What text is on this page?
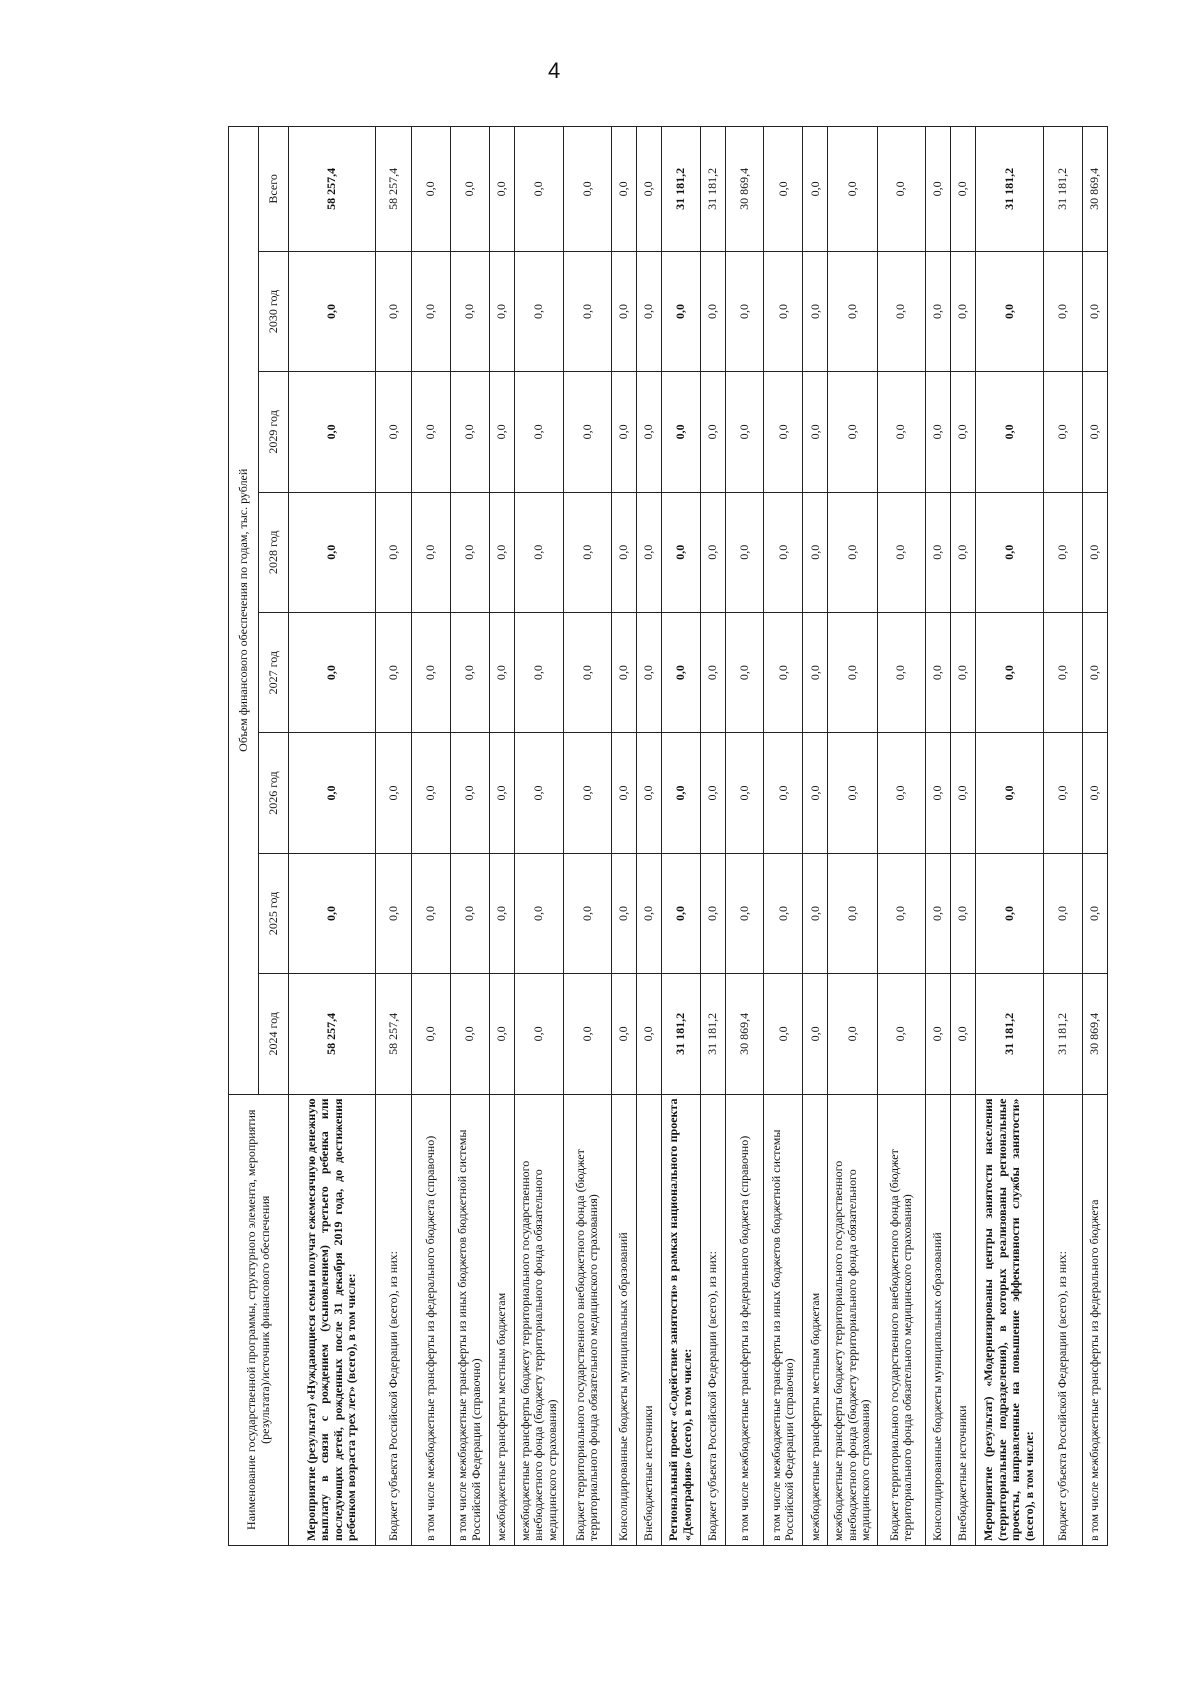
4
Наименование государственной программы, структурного элемента, мероприятия (результата)/источник финансового обеспечения	Объем финансового обеспечения по годам, тыс. рублей							
	2024 год	2025 год	2026 год	2027 год	2028 год	2029 год	2030 год	Всего
Мероприятие (результат) «Нуждающиеся семьи получат ежемесячную денежную выплату в связи с рождением (усыновлением) третьего ребенка или последующих детей, рожденных после 31 декабря 2019 года, до достижения ребенком возраста трех лет» (всего), в том числе:	58 257,4	0,0	0,0	0,0	0,0	0,0	0,0	58 257,4
Бюджет субъекта Российской Федерации (всего), из них:	58 257,4	0,0	0,0	0,0	0,0	0,0	0,0	58 257,4
в том числе межбюджетные трансферты из федерального бюджета (справочно)	0,0	0,0	0,0	0,0	0,0	0,0	0,0	0,0
в том числе межбюджетные трансферты из иных бюджетов бюджетной системы Российской Федерации (справочно)	0,0	0,0	0,0	0,0	0,0	0,0	0,0	0,0
межбюджетные трансферты местным бюджетам	0,0	0,0	0,0	0,0	0,0	0,0	0,0	0,0
межбюджетные трансферты бюджету территориального государственного внебюджетного фонда (бюджету территориального фонда обязательного медицинского страхования)	0,0	0,0	0,0	0,0	0,0	0,0	0,0	0,0
Бюджет территориального государственного внебюджетного фонда (бюджет территориального фонда обязательного медицинского страхования)	0,0	0,0	0,0	0,0	0,0	0,0	0,0	0,0
Консолидированные бюджеты муниципальных образований	0,0	0,0	0,0	0,0	0,0	0,0	0,0	0,0
Внебюджетные источники	0,0	0,0	0,0	0,0	0,0	0,0	0,0	0,0
Региональный проект «Содействие занятости» в рамках национального проекта «Демография» (всего), в том числе:	31 181,2	0,0	0,0	0,0	0,0	0,0	0,0	31 181,2
Бюджет субъекта Российской Федерации (всего), из них:	31 181,2	0,0	0,0	0,0	0,0	0,0	0,0	31 181,2
в том числе межбюджетные трансферты из федерального бюджета (справочно)	30 869,4	0,0	0,0	0,0	0,0	0,0	0,0	30 869,4
в том числе межбюджетные трансферты из иных бюджетов бюджетной системы Российской Федерации (справочно)	0,0	0,0	0,0	0,0	0,0	0,0	0,0	0,0
межбюджетные трансферты местным бюджетам	0,0	0,0	0,0	0,0	0,0	0,0	0,0	0,0
межбюджетные трансферты бюджету территориального государственного внебюджетного фонда (бюджету территориального фонда обязательного медицинского страхования)	0,0	0,0	0,0	0,0	0,0	0,0	0,0	0,0
Бюджет территориального государственного внебюджетного фонда (бюджет территориального фонда обязательного медицинского страхования)	0,0	0,0	0,0	0,0	0,0	0,0	0,0	0,0
Консолидированные бюджеты муниципальных образований	0,0	0,0	0,0	0,0	0,0	0,0	0,0	0,0
Внебюджетные источники	0,0	0,0	0,0	0,0	0,0	0,0	0,0	0,0
Мероприятие (результат) «Модернизированы центры занятости населения (территориальные подразделения), в которых реализованы региональные проекты, направленные на повышение эффективности службы занятости» (всего), в том числе:	31 181,2	0,0	0,0	0,0	0,0	0,0	0,0	31 181,2
Бюджет субъекта Российской Федерации (всего), из них:	31 181,2	0,0	0,0	0,0	0,0	0,0	0,0	31 181,2
в том числе межбюджетные трансферты из федерального бюджета	30 869,4	0,0	0,0	0,0	0,0	0,0	0,0	30 869,4
